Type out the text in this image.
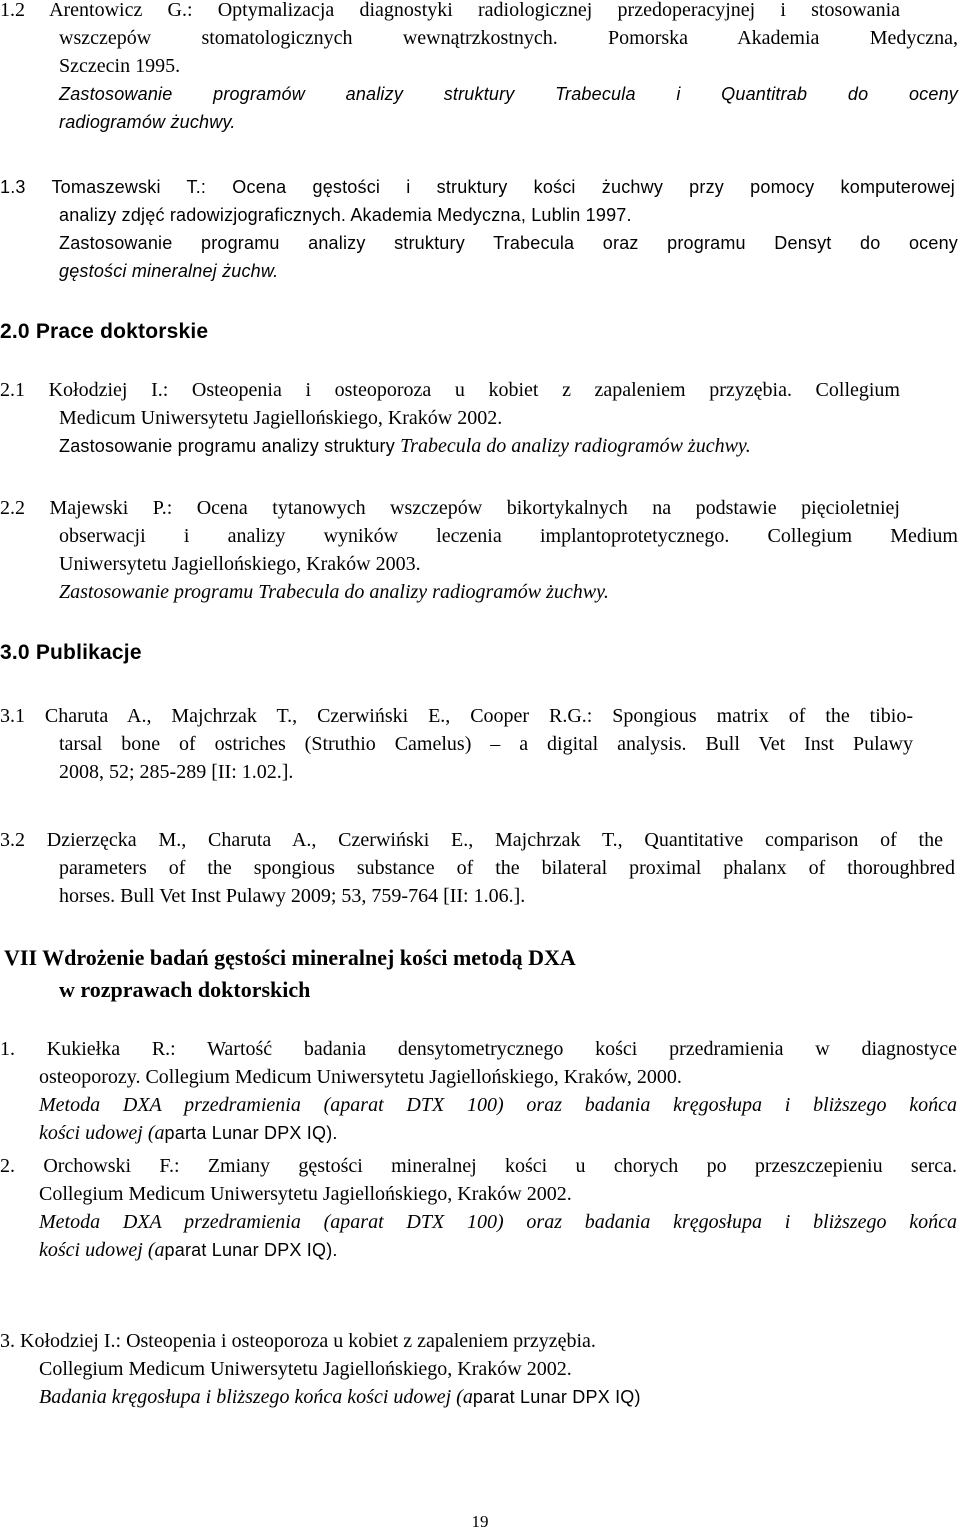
1.2 Arentowicz G.: Optymalizacja diagnostyki radiologicznej przedoperacyjnej i stosowania
wszczepów stomatologicznych wewnątrzkostnych. Pomorska Akademia Medyczna,
Szczecin 1995.
Zastosowanie programów analizy struktury Trabecula i Quantitrab do oceny
radiogramów żuchwy.
1.3 Tomaszewski T.: Ocena gęstości i struktury kości żuchwy przy pomocy komputerowej
analizy zdjęć radowizjograficznych. Akademia Medyczna, Lublin 1997.
Zastosowanie programu analizy struktury Trabecula oraz programu Densyt do oceny
gęstości mineralnej żuchw.
2.0 Prace doktorskie
2.1 Kołodziej I.: Osteopenia i osteoporoza u kobiet z zapaleniem przyzębia. Collegium
Medicum Uniwersytetu Jagiellońskiego, Kraków 2002.
Zastosowanie programu analizy struktury Trabecula do analizy radiogramów żuchwy.
2.2 Majewski P.: Ocena tytanowych wszczepów bikortykalnych na podstawie pięcioletniej
obserwacji i analizy wyników leczenia implantoprotetycznego. Collegium Medium
Uniwersytetu Jagiellońskiego, Kraków 2003.
Zastosowanie programu Trabecula do analizy radiogramów żuchwy.
3.0 Publikacje
3.1 Charuta A., Majchrzak T., Czerwiński E., Cooper R.G.: Spongious matrix of the tibio-
tarsal bone of ostriches (Struthio Camelus) – a digital analysis. Bull Vet Inst Pulawy
2008, 52; 285-289 [II: 1.02.].
3.2 Dzierzęcka M., Charuta A., Czerwiński E., Majchrzak T., Quantitative comparison of the
parameters of the spongious substance of the bilateral proximal phalanx of thoroughbred
horses. Bull Vet Inst Pulawy 2009; 53, 759-764 [II: 1.06.].
VII Wdrożenie badań gęstości mineralnej kości metodą DXA
w rozprawach doktorskich
1. Kukiełka R.: Wartość badania densytometrycznego kości przedramienia w diagnostyce
osteoporozy. Collegium Medicum Uniwersytetu Jagiellońskiego, Kraków, 2000.
Metoda DXA przedramienia (aparat DTX 100) oraz badania kręgosłupa i bliższego końca
kości udowej (aparta Lunar DPX IQ).
2. Orchowski F.: Zmiany gęstości mineralnej kości u chorych po przeszczepieniu serca.
Collegium Medicum Uniwersytetu Jagiellońskiego, Kraków 2002.
Metoda DXA przedramienia (aparat DTX 100) oraz badania kręgosłupa i bliższego końca
kości udowej (aparat Lunar DPX IQ).
3. Kołodziej I.: Osteopenia i osteoporoza u kobiet z zapaleniem przyzębia.
Collegium Medicum Uniwersytetu Jagiellońskiego, Kraków 2002.
Badania kręgosłupa i bliższego końca kości udowej (aparat Lunar DPX IQ)
19
